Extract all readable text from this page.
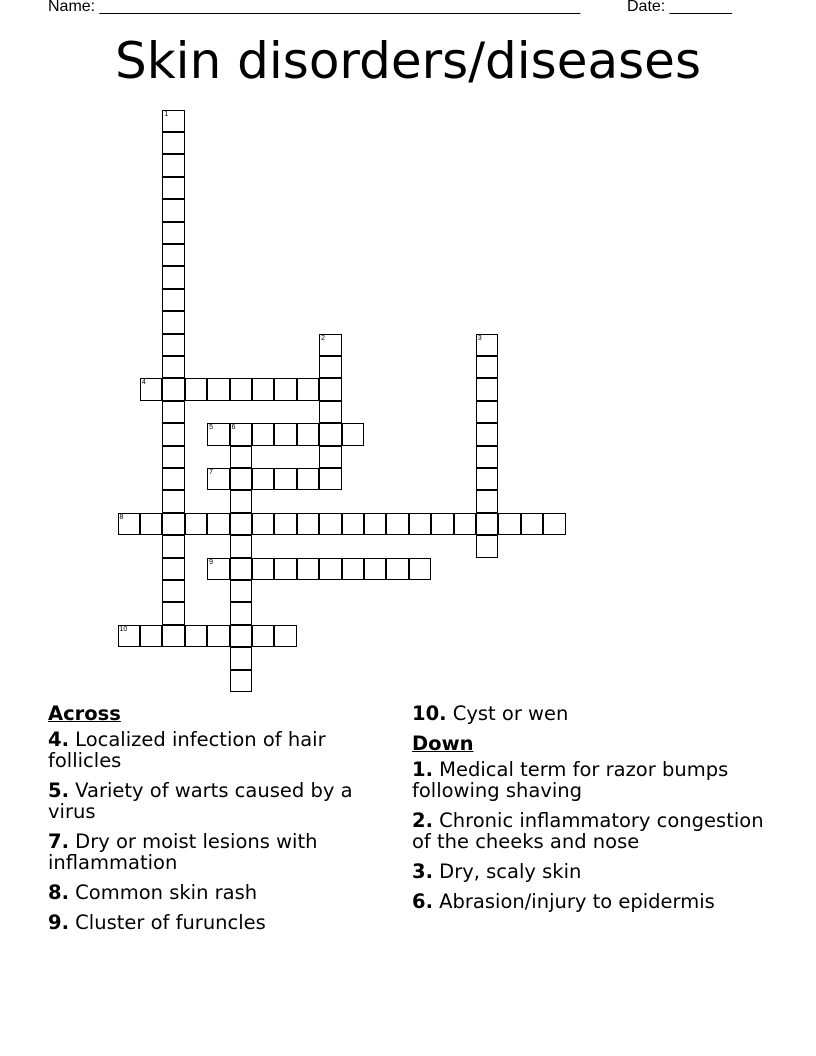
Name: ______________________________________________________	Date: _______
Skin disorders/diseases
1
2	3
4
5	6
7
8
9
10
Across
4. Localized infection of hair follicles
5. Variety of warts caused by a virus
7. Dry or moist lesions with inflammation
8. Common skin rash
9. Cluster of furuncles
10. Cyst or wen
Down
1. Medical term for razor bumps following shaving
2. Chronic inflammatory congestion of the cheeks and nose
3. Dry, scaly skin
6. Abrasion/injury to epidermis
